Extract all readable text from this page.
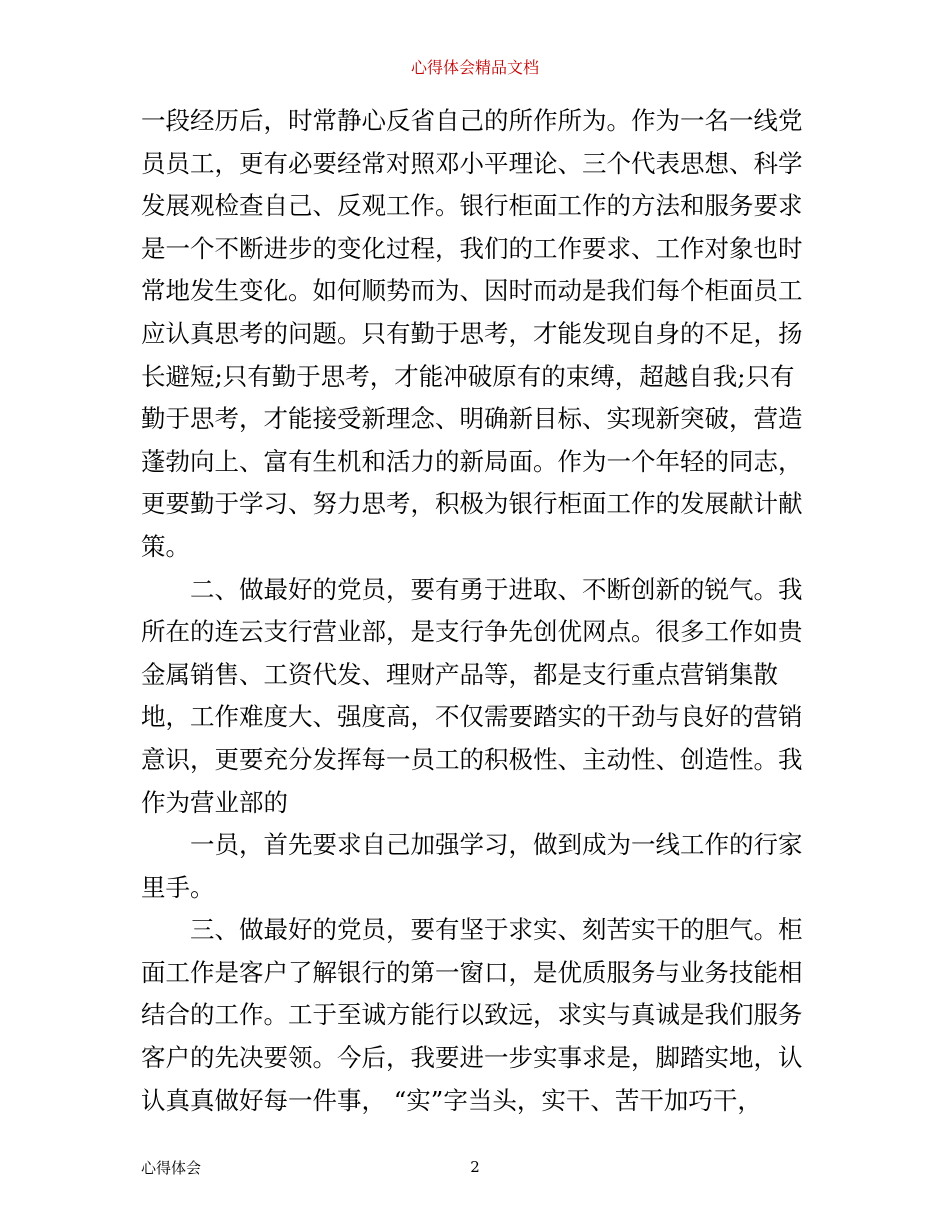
心得体会精品文档
一段经历后，时常静心反省自己的所作所为。作为一名一线党
员员工，更有必要经常对照邓小平理论、三个代表思想、科学
发展观检查自己、反观工作。银行柜面工作的方法和服务要求
是一个不断进步的变化过程，我们的工作要求、工作对象也时
常地发生变化。如何顺势而为、因时而动是我们每个柜面员工
应认真思考的问题。只有勤于思考，才能发现自身的不足，扬
长避短;只有勤于思考，才能冲破原有的束缚，超越自我;只有
勤于思考，才能接受新理念、明确新目标、实现新突破，营造
蓬勃向上、富有生机和活力的新局面。作为一个年轻的同志，
更要勤于学习、努力思考，积极为银行柜面工作的发展献计献
策。
二、做最好的党员，要有勇于进取、不断创新的锐气。我
所在的连云支行营业部，是支行争先创优网点。很多工作如贵
金属销售、工资代发、理财产品等，都是支行重点营销集散
地，工作难度大、强度高，不仅需要踏实的干劲与良好的营销
意识，更要充分发挥每一员工的积极性、主动性、创造性。我
作为营业部的
一员，首先要求自己加强学习，做到成为一线工作的行家
里手。
三、做最好的党员，要有坚于求实、刻苦实干的胆气。柜
面工作是客户了解银行的第一窗口，是优质服务与业务技能相
结合的工作。工于至诚方能行以致远，求实与真诚是我们服务
客户的先决要领。今后，我要进一步实事求是，脚踏实地，认
认真真做好每一件事， “实”字当头，实干、苦干加巧干，
心得体会	2
